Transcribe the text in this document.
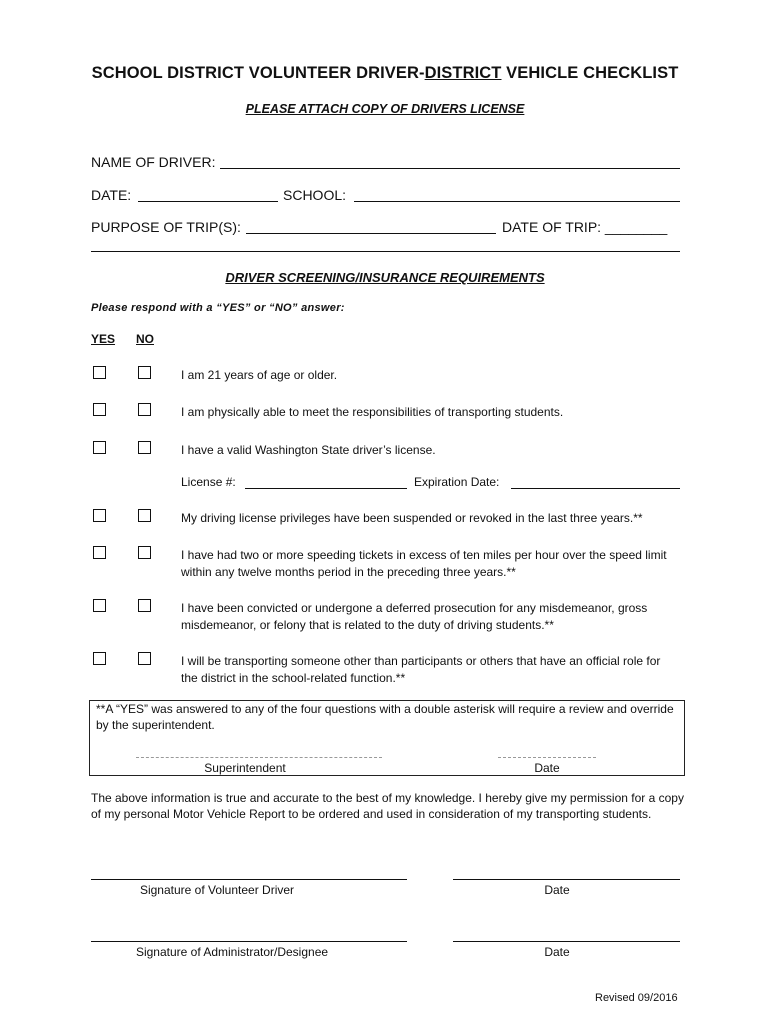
SCHOOL DISTRICT VOLUNTEER DRIVER-DISTRICT VEHICLE CHECKLIST
PLEASE ATTACH COPY OF DRIVERS LICENSE
NAME OF DRIVER:
DATE:	SCHOOL:
PURPOSE OF TRIP(S):	DATE OF TRIP: ________
DRIVER SCREENING/INSURANCE REQUIREMENTS
Please respond with a “YES” or “NO” answer:
YES NO
I am 21 years of age or older.
I am physically able to meet the responsibilities of transporting students.
I have a valid Washington State driver’s license.
License #:	Expiration Date:
My driving license privileges have been suspended or revoked in the last three years.**
I have had two or more speeding tickets in excess of ten miles per hour over the speed limit within any twelve months period in the preceding three years.**
I have been convicted or undergone a deferred prosecution for any misdemeanor, gross misdemeanor, or felony that is related to the duty of driving students.**
I will be transporting someone other than participants or others that have an official role for the district in the school-related function.**
**A “YES” was answered to any of the four questions with a double asterisk will require a review and override by the superintendent.
Superintendent	Date
The above information is true and accurate to the best of my knowledge. I hereby give my permission for a copy of my personal Motor Vehicle Report to be ordered and used in consideration of my transporting students.
Signature of Volunteer Driver	Date
Signature of Administrator/Designee	Date
Revised 09/2016
